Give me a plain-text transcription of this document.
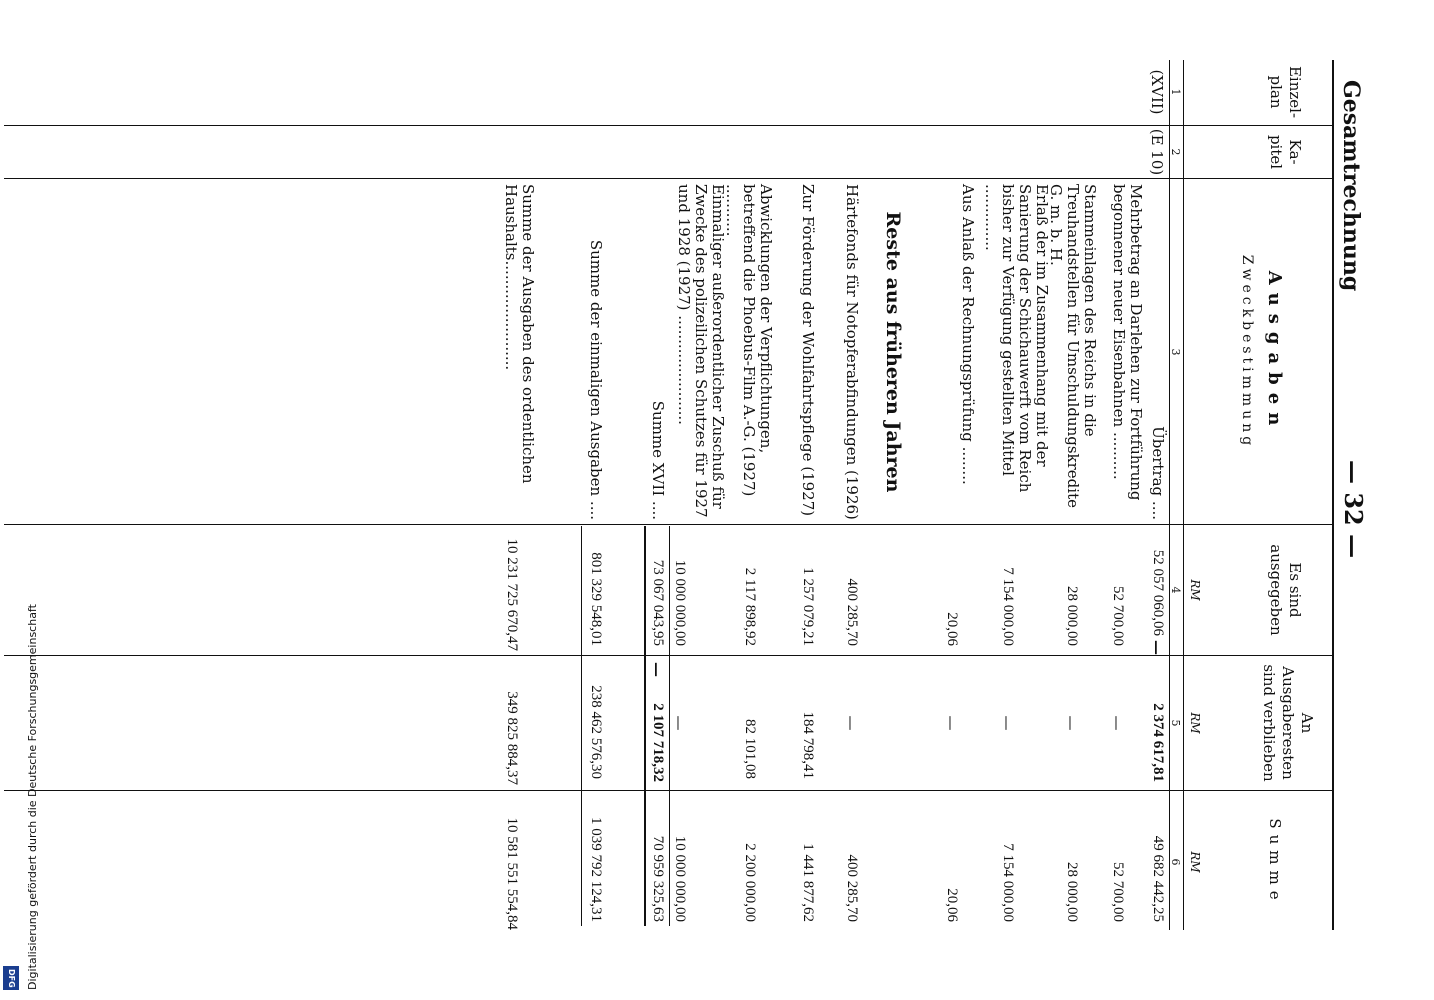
Gesamtrechnung
— 32 —
Einzel-
plan
Ka-
pitel
Ausgaben
Zweckbestimmung
Es sind
ausgegeben
An
Ausgaberesten
sind verblieben
Summe
RM
RM
RM
1
2
3
4
5
6
(XVII)
(E 10)
Übertrag ....
52 057 060,06
—
2 374 617,81
49 682 442,25
Mehrbetrag an Darlehen zur Fortführung begonnener neuer Eisenbahnen ..........
52 700,00
—
52 700,00
Stammeinlagen des Reichs in die Treuhandstellen für Umschuldungskredite G. m. b. H.
28 000,00
—
28 000,00
Erlaß der im Zusammenhang mit der Sanierung der Schichauwerft vom Reich bisher zur Verfügung gestellten Mittel ..............
7 154 000,00
—
7 154 000,00
Aus Anlaß der Rechnungsprüfung ........
20,06
—
20,06
Reste aus früheren Jahren
Härtefonds für Notopferabfindungen (1926)
400 285,70
—
400 285,70
Zur Förderung der Wohlfahrtspflege (1927)
1 257 079,21
184 798,41
1 441 877,62
Abwicklungen der Verpflichtungen, betreffend die Phoebus-Film A.-G. (1927) ...........
2 117 898,92
82 101,08
2 200 000,00
Einmaliger außerordentlicher Zuschuß für Zwecke des polizeilichen Schutzes für 1927 und 1928 (1927) .......................
10 000 000,00
—
10 000 000,00
Summe XVII ....
73 067 043,95
—
2 107 718,32
70 959 325,63
Summe der einmaligen Ausgaben ....
801 329 548,01
238 462 576,30
1 039 792 124,31
Summe der Ausgaben des ordentlichen Haushalts.......................
10 231 725 670,47
349 825 884,37
10 581 551 554,84
Digitalisierung gefördert durch die Deutsche Forschungsgemeinschaft
DFG
